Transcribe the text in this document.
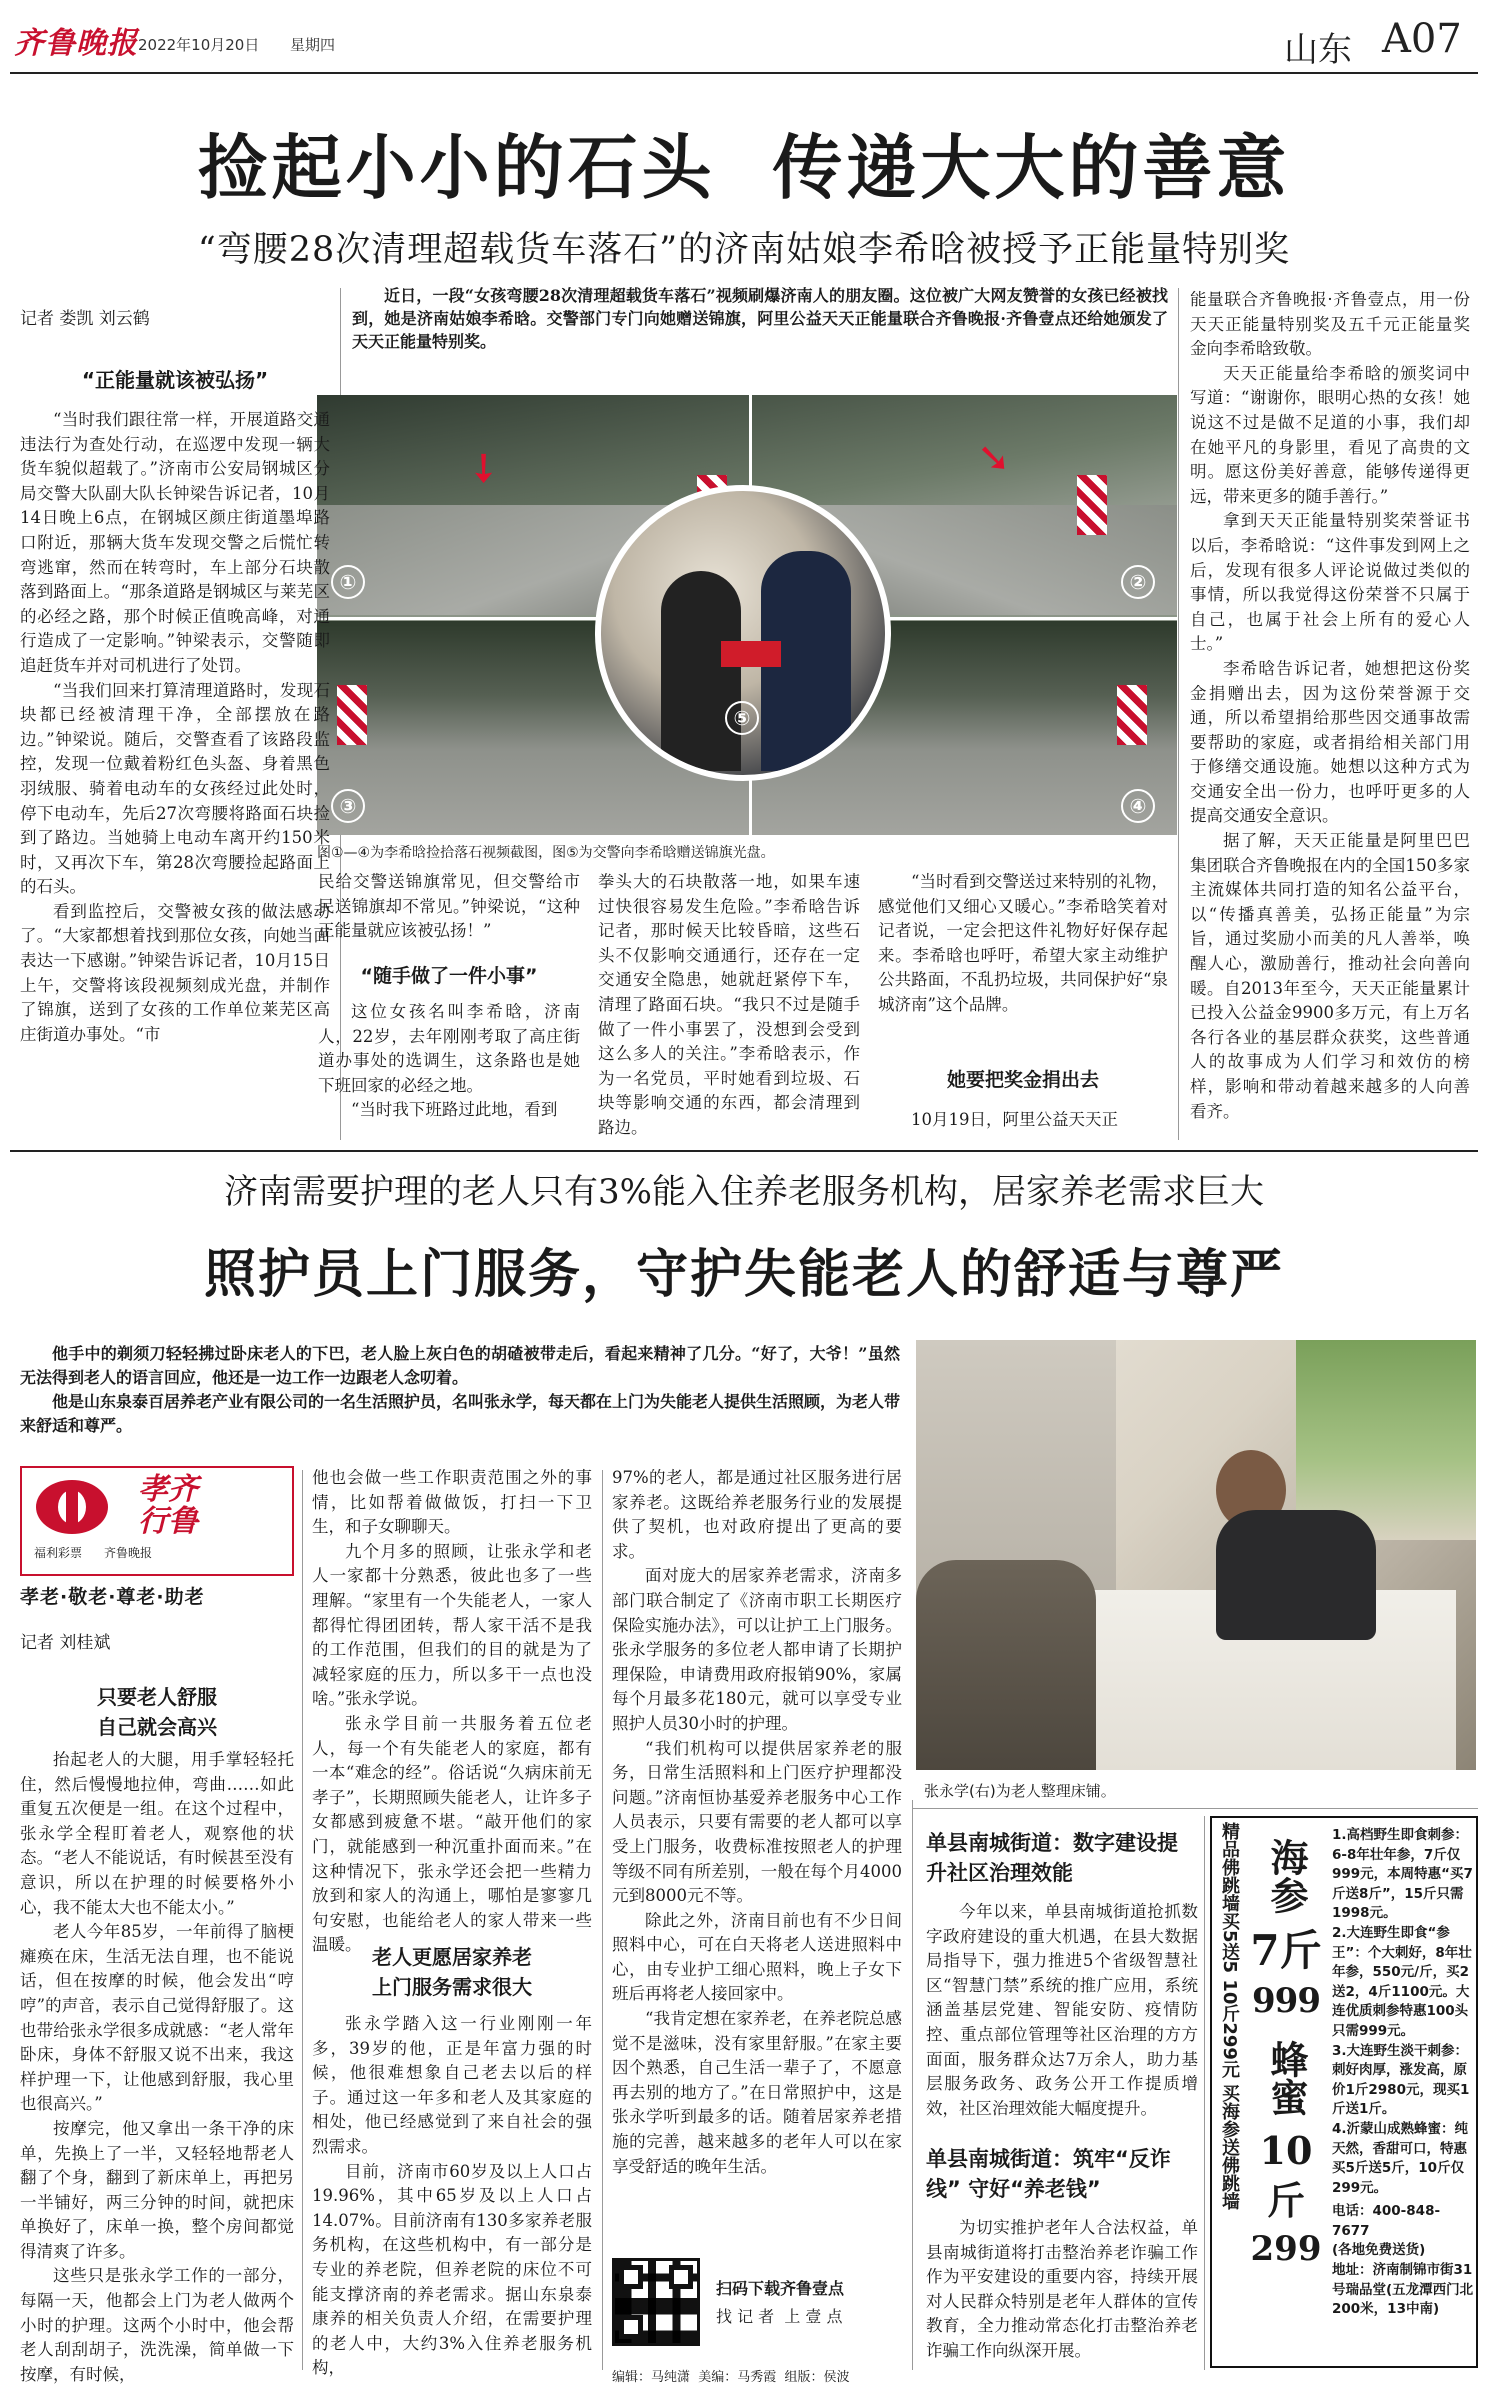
齐鲁晚报 2022年10月20日 星期四	山东 A07
捡起小小的石头  传递大大的善意
“弯腰28次清理超载货车落石”的济南姑娘李希晗被授予正能量特别奖
记者 娄凯 刘云鹤

近日，一段“女孩弯腰28次清理超载货车落石”视频刷爆济南人的朋友圈。这位被广大网友赞誉的女孩已经被找到，她是济南姑娘李希晗。交警部门专门向她赠送锦旗，阿里公益天天正能量联合齐鲁晚报·齐鲁壹点还给她颁发了天天正能量特别奖。

➘	➘
①	②
③	④
⑤
图①—④为李希晗捡拾落石视频截图，图⑤为交警向李希晗赠送锦旗光盘。
“正能量就该被弘扬”

“当时我们跟往常一样，开展道路交通违法行为查处行动，在巡逻中发现一辆大货车貌似超载了。”济南市公安局钢城区分局交警大队副大队长钟梁告诉记者，10月14日晚上6点，在钢城区颜庄街道墨埠路口附近，那辆大货车发现交警之后慌忙转弯逃窜，然而在转弯时，车上部分石块散落到路面上。“那条道路是钢城区与莱芜区的必经之路，那个时候正值晚高峰，对通行造成了一定影响。”钟梁表示，交警随即追赶货车并对司机进行了处罚。

“当我们回来打算清理道路时，发现石块都已经被清理干净，全部摆放在路边。”钟梁说。随后，交警查看了该路段监控，发现一位戴着粉红色头盔、身着黑色羽绒服、骑着电动车的女孩经过此处时，停下电动车，先后27次弯腰将路面石块捡到了路边。当她骑上电动车离开约150米时，又再次下车，第28次弯腰捡起路面上的石头。

看到监控后，交警被女孩的做法感动了。“大家都想着找到那位女孩，向她当面表达一下感谢。”钟梁告诉记者，10月15日上午，交警将该段视频刻成光盘，并制作了锦旗，送到了女孩的工作单位莱芜区高庄街道办事处。“市

民给交警送锦旗常见，但交警给市民送锦旗却不常见。”钟梁说，“这种正能量就应该被弘扬！”

“随手做了一件小事”

这位女孩名叫李希晗，济南人，22岁，去年刚刚考取了高庄街道办事处的选调生，这条路也是她下班回家的必经之地。

“当时我下班路过此地，看到

拳头大的石块散落一地，如果车速过快很容易发生危险。”李希晗告诉记者，那时候天比较昏暗，这些石头不仅影响交通通行，还存在一定交通安全隐患，她就赶紧停下车，清理了路面石块。“我只不过是随手做了一件小事罢了，没想到会受到这么多人的关注。”李希晗表示，作为一名党员，平时她看到垃圾、石块等影响交通的东西，都会清理到路边。

“当时看到交警送过来特别的礼物，感觉他们又细心又暖心。”李希晗笑着对记者说，一定会把这件礼物好好保存起来。李希晗也呼吁，希望大家主动维护公共路面，不乱扔垃圾，共同保护好“泉城济南”这个品牌。

她要把奖金捐出去

10月19日，阿里公益天天正

能量联合齐鲁晚报·齐鲁壹点，用一份天天正能量特别奖及五千元正能量奖金向李希晗致敬。

天天正能量给李希晗的颁奖词中写道：“谢谢你，眼明心热的女孩！她说这不过是做不足道的小事，我们却在她平凡的身影里，看见了高贵的文明。愿这份美好善意，能够传递得更远，带来更多的随手善行。”

拿到天天正能量特别奖荣誉证书以后，李希晗说：“这件事发到网上之后，发现有很多人评论说做过类似的事情，所以我觉得这份荣誉不只属于自己，也属于社会上所有的爱心人士。”

李希晗告诉记者，她想把这份奖金捐赠出去，因为这份荣誉源于交通，所以希望捐给那些因交通事故需要帮助的家庭，或者捐给相关部门用于修缮交通设施。她想以这种方式为交通安全出一份力，也呼吁更多的人提高交通安全意识。

据了解，天天正能量是阿里巴巴集团联合齐鲁晚报在内的全国150多家主流媒体共同打造的知名公益平台，以“传播真善美，弘扬正能量”为宗旨，通过奖励小而美的凡人善举，唤醒人心，激励善行，推动社会向善向暖。自2013年至今，天天正能量累计已投入公益金9900多万元，有上万名各行各业的基层群众获奖，这些普通人的故事成为人们学习和效仿的榜样，影响和带动着越来越多的人向善看齐。

济南需要护理的老人只有3%能入住养老服务机构，居家养老需求巨大
照护员上门服务，守护失能老人的舒适与尊严

他手中的剃须刀轻轻拂过卧床老人的下巴，老人脸上灰白色的胡碴被带走后，看起来精神了几分。“好了，大爷！”虽然无法得到老人的语言回应，他还是一边工作一边跟老人念叨着。

他是山东泉泰百居养老产业有限公司的一名生活照护员，名叫张永学，每天都在上门为失能老人提供生活照顾，为老人带来舒适和尊严。

孝齐行鲁
福利彩票 齐鲁晚报
孝老·敬老·尊老·助老
记者 刘桂斌
只要老人舒服
自己就会高兴

抬起老人的大腿，用手掌轻轻托住，然后慢慢地拉伸，弯曲……如此重复五次便是一组。在这个过程中，张永学全程盯着老人，观察他的状态。“老人不能说话，有时候甚至没有意识，所以在护理的时候要格外小心，我不能太大也不能太小。”

老人今年85岁，一年前得了脑梗瘫痪在床，生活无法自理，也不能说话，但在按摩的时候，他会发出“哼哼”的声音，表示自己觉得舒服了。这也带给张永学很多成就感：“老人常年卧床，身体不舒服又说不出来，我这样护理一下，让他感到舒服，我心里也很高兴。”

按摩完，他又拿出一条干净的床单，先换上了一半，又轻轻地帮老人翻了个身，翻到了新床单上，再把另一半铺好，两三分钟的时间，就把床单换好了，床单一换，整个房间都觉得清爽了许多。

这些只是张永学工作的一部分，每隔一天，他都会上门为老人做两个小时的护理。这两个小时中，他会帮老人刮刮胡子，洗洗澡，简单做一下按摩，有时候，

他也会做一些工作职责范围之外的事情，比如帮着做做饭，打扫一下卫生，和子女聊聊天。

九个月多的照顾，让张永学和老人一家都十分熟悉，彼此也多了一些理解。“家里有一个失能老人，一家人都得忙得团团转，帮人家干活不是我的工作范围，但我们的目的就是为了减轻家庭的压力，所以多干一点也没啥。”张永学说。

张永学目前一共服务着五位老人，每一个有失能老人的家庭，都有一本“难念的经”。俗话说“久病床前无孝子”，长期照顾失能老人，让许多子女都感到疲惫不堪。“敲开他们的家门，就能感到一种沉重扑面而来。”在这种情况下，张永学还会把一些精力放到和家人的沟通上，哪怕是寥寥几句安慰，也能给老人的家人带来一些温暖。

老人更愿居家养老
上门服务需求很大

张永学踏入这一行业刚刚一年多，39岁的他，正是年富力强的时候，他很难想象自己老去以后的样子。通过这一年多和老人及其家庭的相处，他已经感觉到了来自社会的强烈需求。

目前，济南市60岁及以上人口占19.96%，其中65岁及以上人口占14.07%。目前济南有130多家养老服务机构，在这些机构中，有一部分是专业的养老院，但养老院的床位不可能支撑济南的养老需求。据山东泉泰康养的相关负责人介绍，在需要护理的老人中，大约3%入住养老服务机构，

97%的老人，都是通过社区服务进行居家养老。这既给养老服务行业的发展提供了契机，也对政府提出了更高的要求。

面对庞大的居家养老需求，济南多部门联合制定了《济南市职工长期医疗保险实施办法》，可以让护工上门服务。张永学服务的多位老人都申请了长期护理保险，申请费用政府报销90%，家属每个月最多花180元，就可以享受专业照护人员30小时的护理。

“我们机构可以提供居家养老的服务，日常生活照料和上门医疗护理都没问题。”济南恒协基爱养老服务中心工作人员表示，只要有需要的老人都可以享受上门服务，收费标准按照老人的护理等级不同有所差别，一般在每个月4000元到8000元不等。

除此之外，济南目前也有不少日间照料中心，可在白天将老人送进照料中心，由专业护工细心照料，晚上子女下班后再将老人接回家中。

“我肯定想在家养老，在养老院总感觉不是滋味，没有家里舒服。”在家主要因个熟悉，自己生活一辈子了，不愿意再去别的地方了。”在日常照护中，这是张永学听到最多的话。随着居家养老措施的完善，越来越多的老年人可以在家享受舒适的晚年生活。

扫码下载齐鲁壹点
找 记 者  上 壹 点
编辑：马纯潇  美编：马秀霞  组版：侯波
张永学(右)为老人整理床铺。
单县南城街道：数字建设提升社区治理效能

今年以来，单县南城街道抢抓数字政府建设的重大机遇，在县大数据局指导下，强力推进5个省级智慧社区“智慧门禁”系统的推广应用，系统涵盖基层党建、智能安防、疫情防控、重点部位管理等社区治理的方方面面，服务群众达7万余人，助力基层服务政务、政务公开工作提质增效，社区治理效能大幅度提升。

单县南城街道：筑牢“反诈线” 守好“养老钱”

为切实推护老年人合法权益，单县南城街道将打击整治养老诈骗工作作为平安建设的重要内容，持续开展对人民群众特别是老年人群体的宣传教育，全力推动常态化打击整治养老诈骗工作向纵深开展。

精品佛跳墙买5送5 10斤299元 买海参送佛跳墙 海参
7斤
999
蜂蜜
10斤
299

1.高档野生即食刺参：6-8年壮年参，7斤仅999元，本周特惠“买7斤送8斤”，15斤只需1998元。

2.大连野生即食“参王”：个大刺好，8年壮年参，550元/斤，买2送2，4斤1100元。大连优质刺参特惠100头只需999元。

3.大连野生淡干刺参：刺好肉厚，涨发高，原价1斤2980元，现买1斤送1斤。

4.沂蒙山成熟蜂蜜：纯天然，香甜可口，特惠买5斤送5斤，10斤仅299元。

电话：400-848-7677

(各地免费送货)

地址：济南制锦市街31号瑞品堂(五龙潭西门北200米，13中南)
